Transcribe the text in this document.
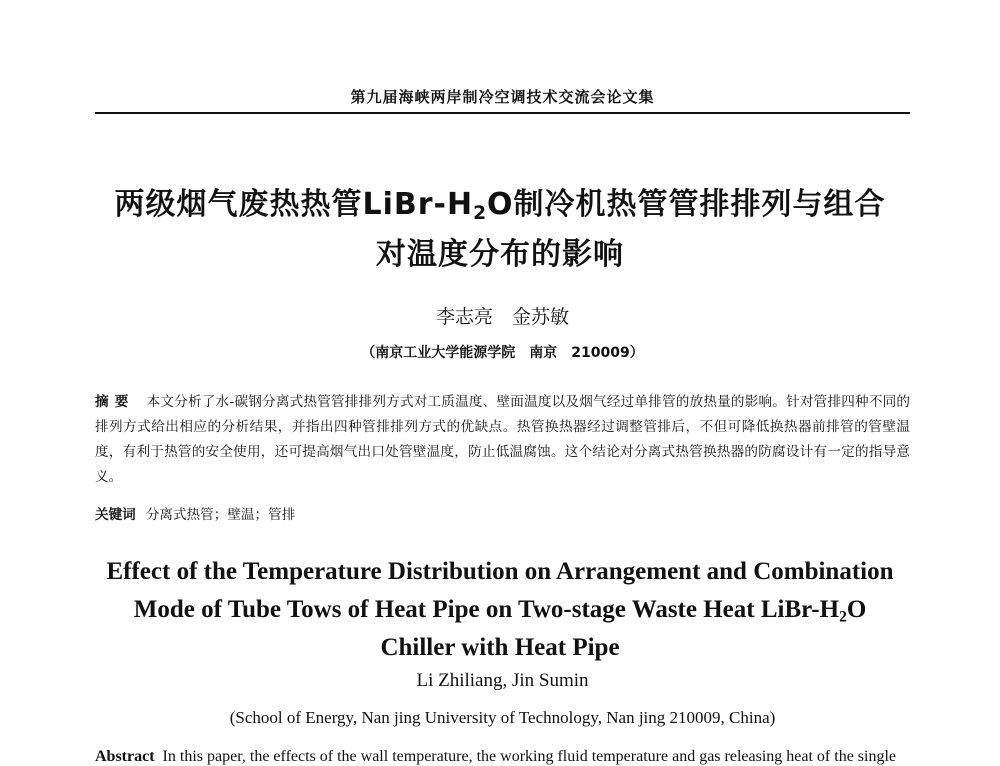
第九届海峡两岸制冷空调技术交流会论文集
两级烟气废热热管LiBr-$H_2O$制冷机热管管排排列与组合
对温度分布的影响
李志亮　金苏敏
（南京工业大学能源学院　南京　210009）
摘要 本文分析了水-碳钢分离式热管管排排列方式对工质温度、壁面温度以及烟气经过单排管的放热量的影响。针对管排四种不同的排列方式给出相应的分析结果，并指出四种管排排列方式的优缺点。热管换热器经过调整管排后，不但可降低换热器前排管的管壁温度，有利于热管的安全使用，还可提高烟气出口处管壁温度，防止低温腐蚀。这个结论对分离式热管换热器的防腐设计有一定的指导意义。
关键词 分离式热管；壁温；管排
Effect of the Temperature Distribution on Arrangement and Combination
Mode of Tube Tows of Heat Pipe on Two-stage Waste Heat LiBr-$H_2O$
Chiller with Heat Pipe
Li Zhiliang, Jin Sumin
(School of Energy, Nan jing University of Technology, Nan jing 210009, China)
Abstract In this paper, the effects of the wall temperature, the working fluid temperature and gas releasing heat of the single
